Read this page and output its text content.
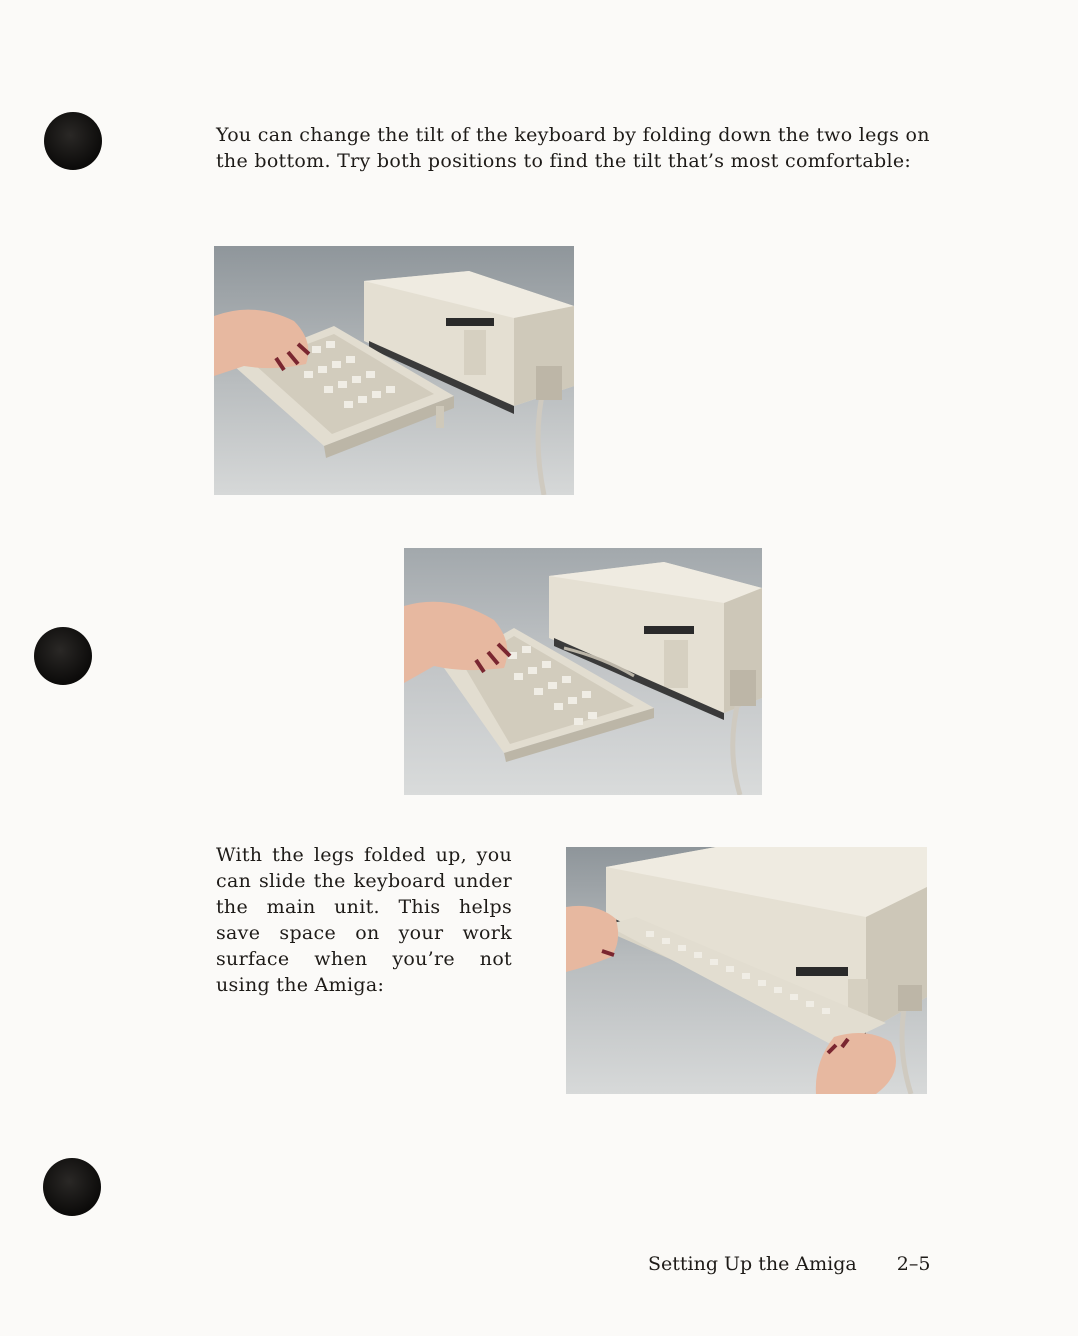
You can change the tilt of the keyboard by folding down the two legs on the bottom. Try both positions to find the tilt that’s most comfortable:

With the legs folded up, you can slide the keyboard under the main unit. This helps save space on your work surface when you’re not using the Amiga:

Setting Up the Amiga 2–5
